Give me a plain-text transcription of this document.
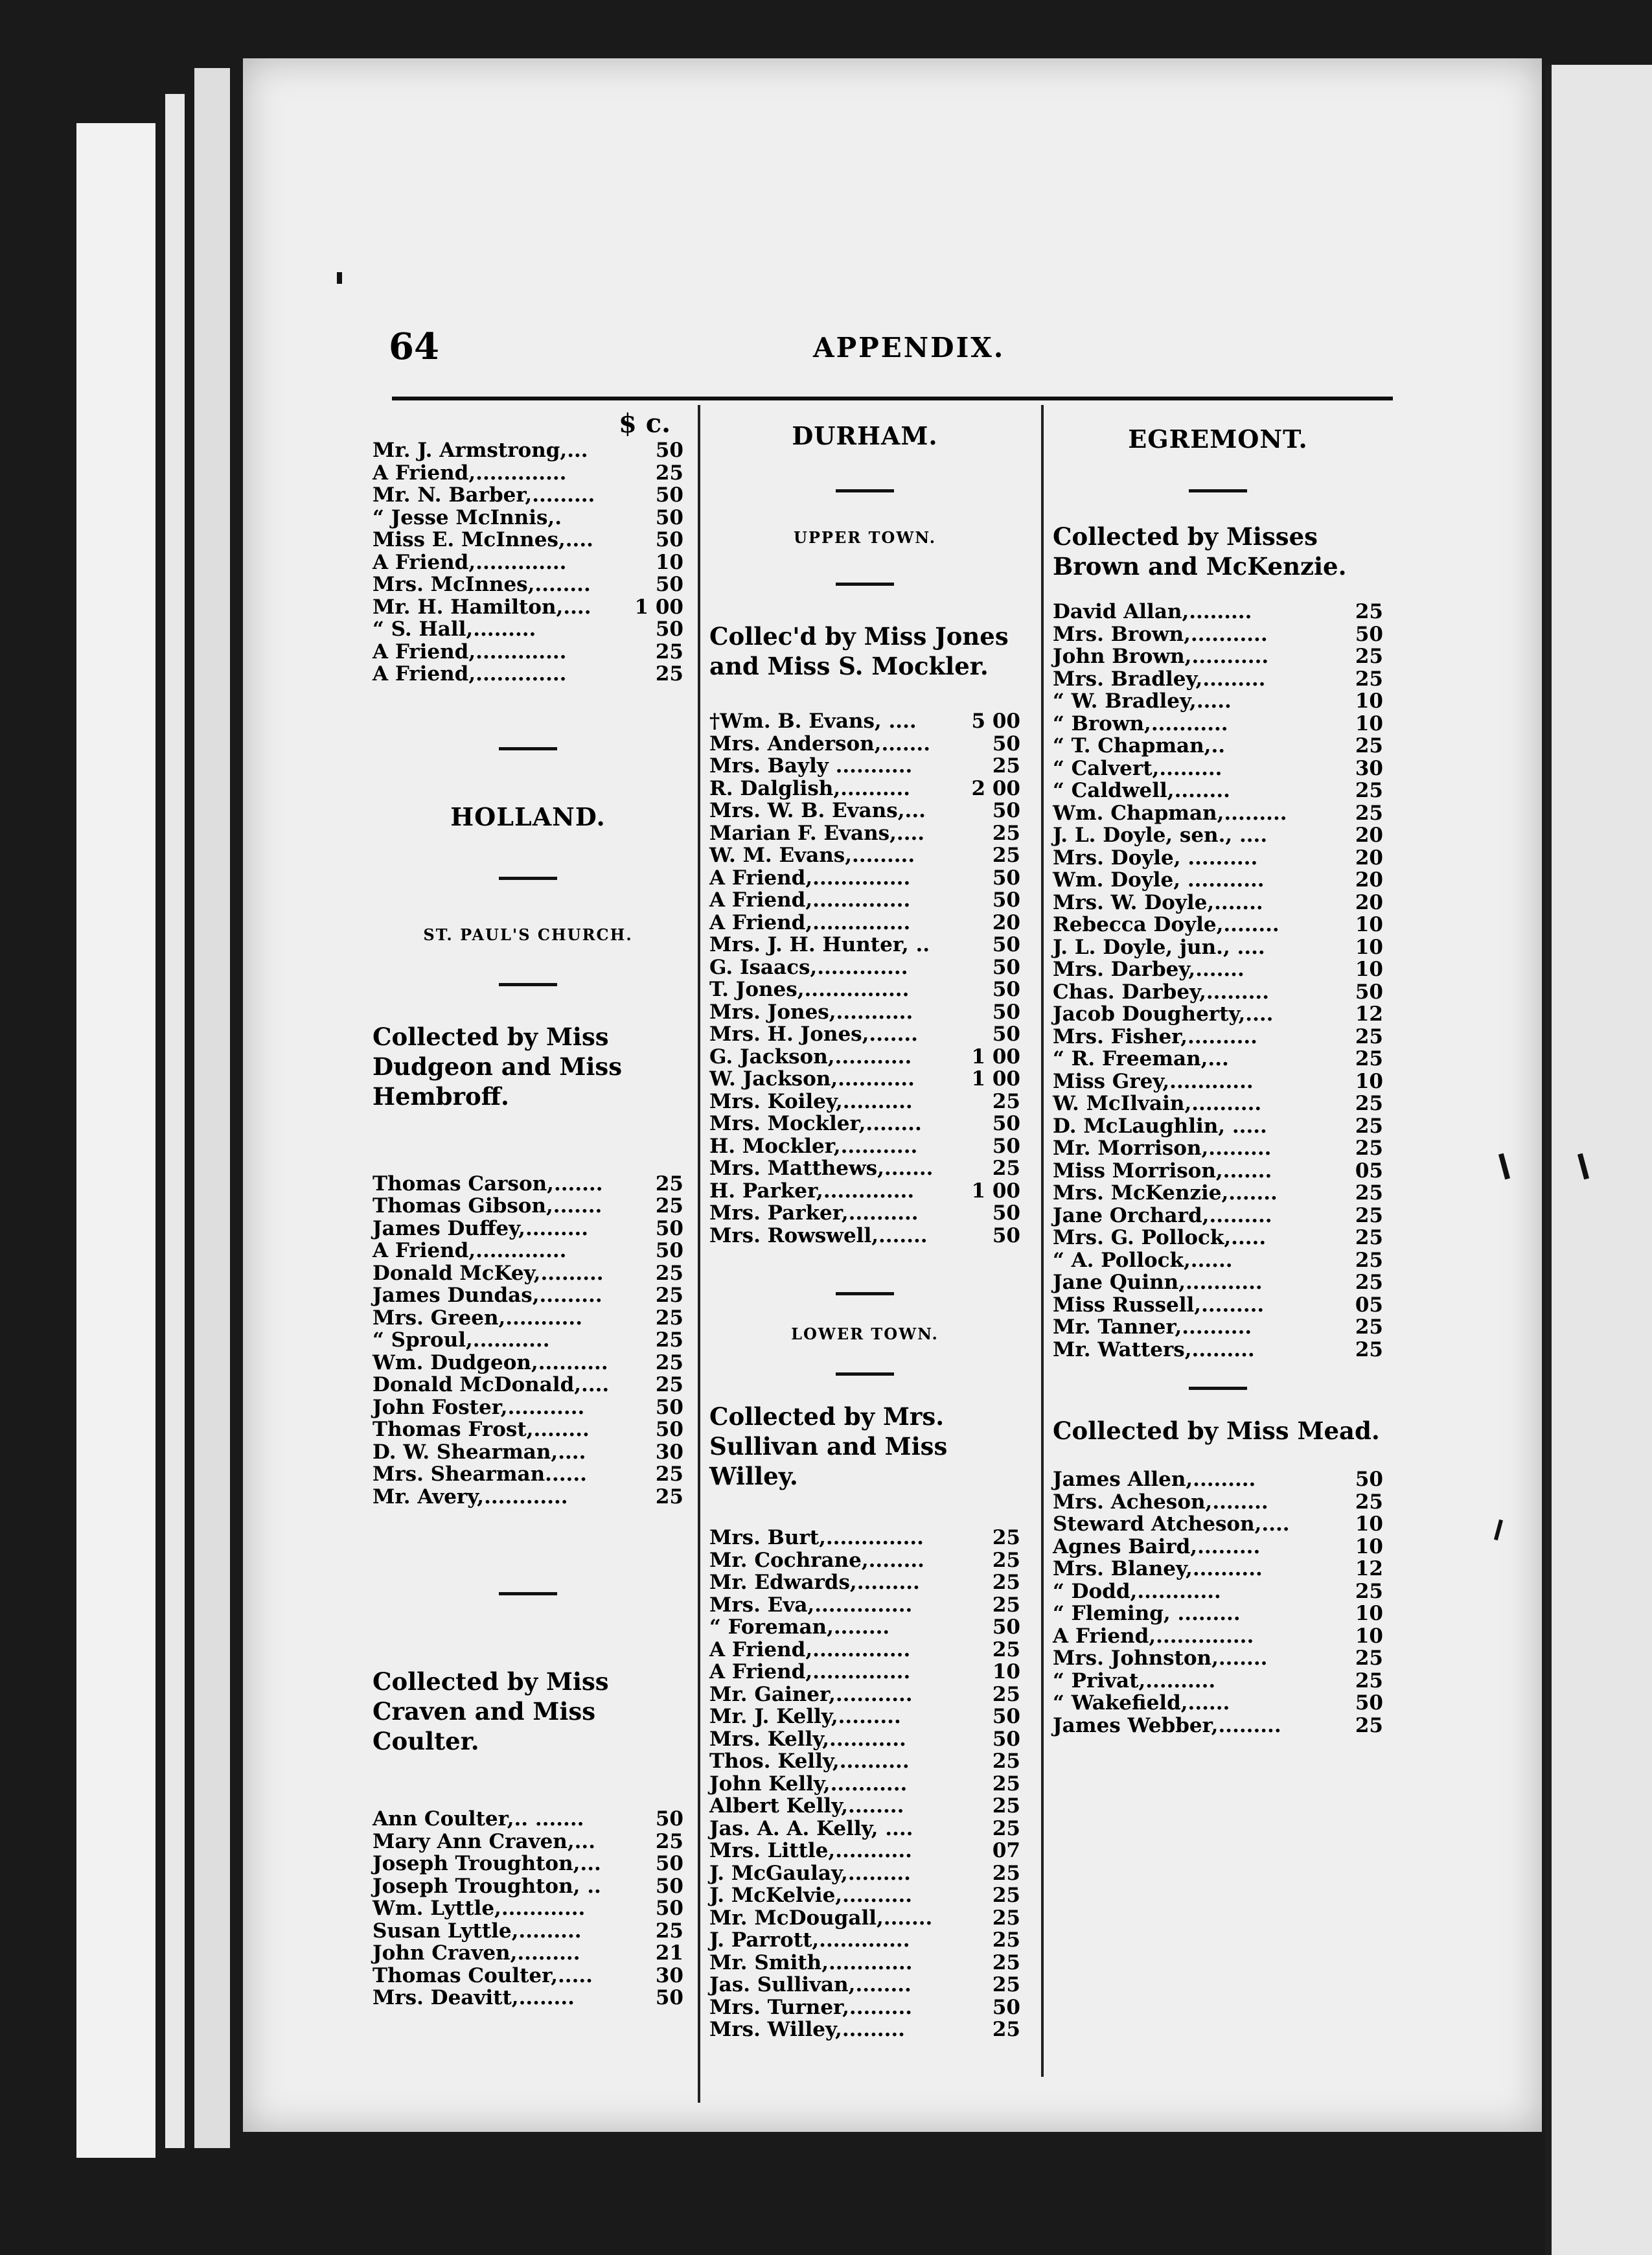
64	APPENDIX.
$ c.
Mr. J. Armstrong,...	50
A Friend,.............	25
Mr. N. Barber,.........	50
“ Jesse McInnis,.	50
Miss E. McInnes,....	50
A Friend,.............	10
Mrs. McInnes,........	50
Mr. H. Hamilton,.... 1 00
“ S. Hall,.........	50
A Friend,.............	25
A Friend,.............	25
HOLLAND.
ST. PAUL'S CHURCH.
Collected by Miss Dudgeon and Miss Hembroff.
Thomas Carson,.......	25
Thomas Gibson,.......	25
James Duffey,.........	50
A Friend,.............	50
Donald McKey,.........	25
James Dundas,.........	25
Mrs. Green,...........	25
“ Sproul,...........	25
Wm. Dudgeon,.......... 25
Donald McDonald,.... 25
John Foster,...........	50
Thomas Frost,........	50
D. W. Shearman,....	30
Mrs. Shearman......	25
Mr. Avery,............	25
Collected by Miss Craven and Miss Coulter.
Ann Coulter,.. .......	50
Mary Ann Craven,...	25
Joseph Troughton,...	50
Joseph Troughton, ..	50
Wm. Lyttle,............	50
Susan Lyttle,.........	25
John Craven,.........	21
Thomas Coulter,.....	30
Mrs. Deavitt,........	50
DURHAM.
UPPER TOWN.
Collec'd by Miss Jones and Miss S. Mockler.
†Wm. B. Evans, ....	5 00
Mrs. Anderson,.......	50
Mrs. Bayly ...........	25
R. Dalglish,..........	2 00
Mrs. W. B. Evans,...	50
Marian F. Evans,....	25
W. M. Evans,.........	25
A Friend,..............	50
A Friend,..............	50
A Friend,..............	20
Mrs. J. H. Hunter, ..	50
G. Isaacs,.............	50
T. Jones,...............	50
Mrs. Jones,...........	50
Mrs. H. Jones,.......	50
G. Jackson,...........	1 00
W. Jackson,...........	1 00
Mrs. Koiley,..........	25
Mrs. Mockler,........	50
H. Mockler,...........	50
Mrs. Matthews,.......	25
H. Parker,.............	1 00
Mrs. Parker,..........	50
Mrs. Rowswell,.......	50
LOWER TOWN.
Collected by Mrs. Sullivan and Miss Willey.
Mrs. Burt,..............	25
Mr. Cochrane,........	25
Mr. Edwards,.........	25
Mrs. Eva,..............	25
“ Foreman,........	50
A Friend,..............	25
A Friend,..............	10
Mr. Gainer,...........	25
Mr. J. Kelly,.........	50
Mrs. Kelly,...........	50
Thos. Kelly,..........	25
John Kelly,...........	25
Albert Kelly,........	25
Jas. A. A. Kelly, ....	25
Mrs. Little,...........	07
J. McGaulay,.........	25
J. McKelvie,..........	25
Mr. McDougall,.......	25
J. Parrott,.............	25
Mr. Smith,............	25
Jas. Sullivan,........	25
Mrs. Turner,.........	50
Mrs. Willey,.........	25
EGREMONT.
Collected by Misses Brown and McKenzie.
David Allan,.........	25
Mrs. Brown,...........	50
John Brown,...........	25
Mrs. Bradley,.........	25
“ W. Bradley,.....	10
“ Brown,...........	10
“ T. Chapman,..	25
“ Calvert,.........	30
“ Caldwell,........	25
Wm. Chapman,.........	25
J. L. Doyle, sen., ....	20
Mrs. Doyle, ..........	20
Wm. Doyle, ...........	20
Mrs. W. Doyle,.......	20
Rebecca Doyle,........	10
J. L. Doyle, jun., ....	10
Mrs. Darbey,.......	10
Chas. Darbey,.........	50
Jacob Dougherty,....	12
Mrs. Fisher,..........	25
“ R. Freeman,...	25
Miss Grey,............	10
W. McIlvain,..........	25
D. McLaughlin, .....	25
Mr. Morrison,.........	25
Miss Morrison,.......	05
Mrs. McKenzie,.......	25
Jane Orchard,.........	25
Mrs. G. Pollock,.....	25
“ A. Pollock,......	25
Jane Quinn,...........	25
Miss Russell,.........	05
Mr. Tanner,..........	25
Mr. Watters,.........	25
Collected by Miss Mead.
James Allen,.........	50
Mrs. Acheson,........	25
Steward Atcheson,....	10
Agnes Baird,.........	10
Mrs. Blaney,..........	12
“ Dodd,............	25
“ Fleming, .........	10
A Friend,..............	10
Mrs. Johnston,.......	25
“ Privat,..........	25
“ Wakefield,......	50
James Webber,.........	25
